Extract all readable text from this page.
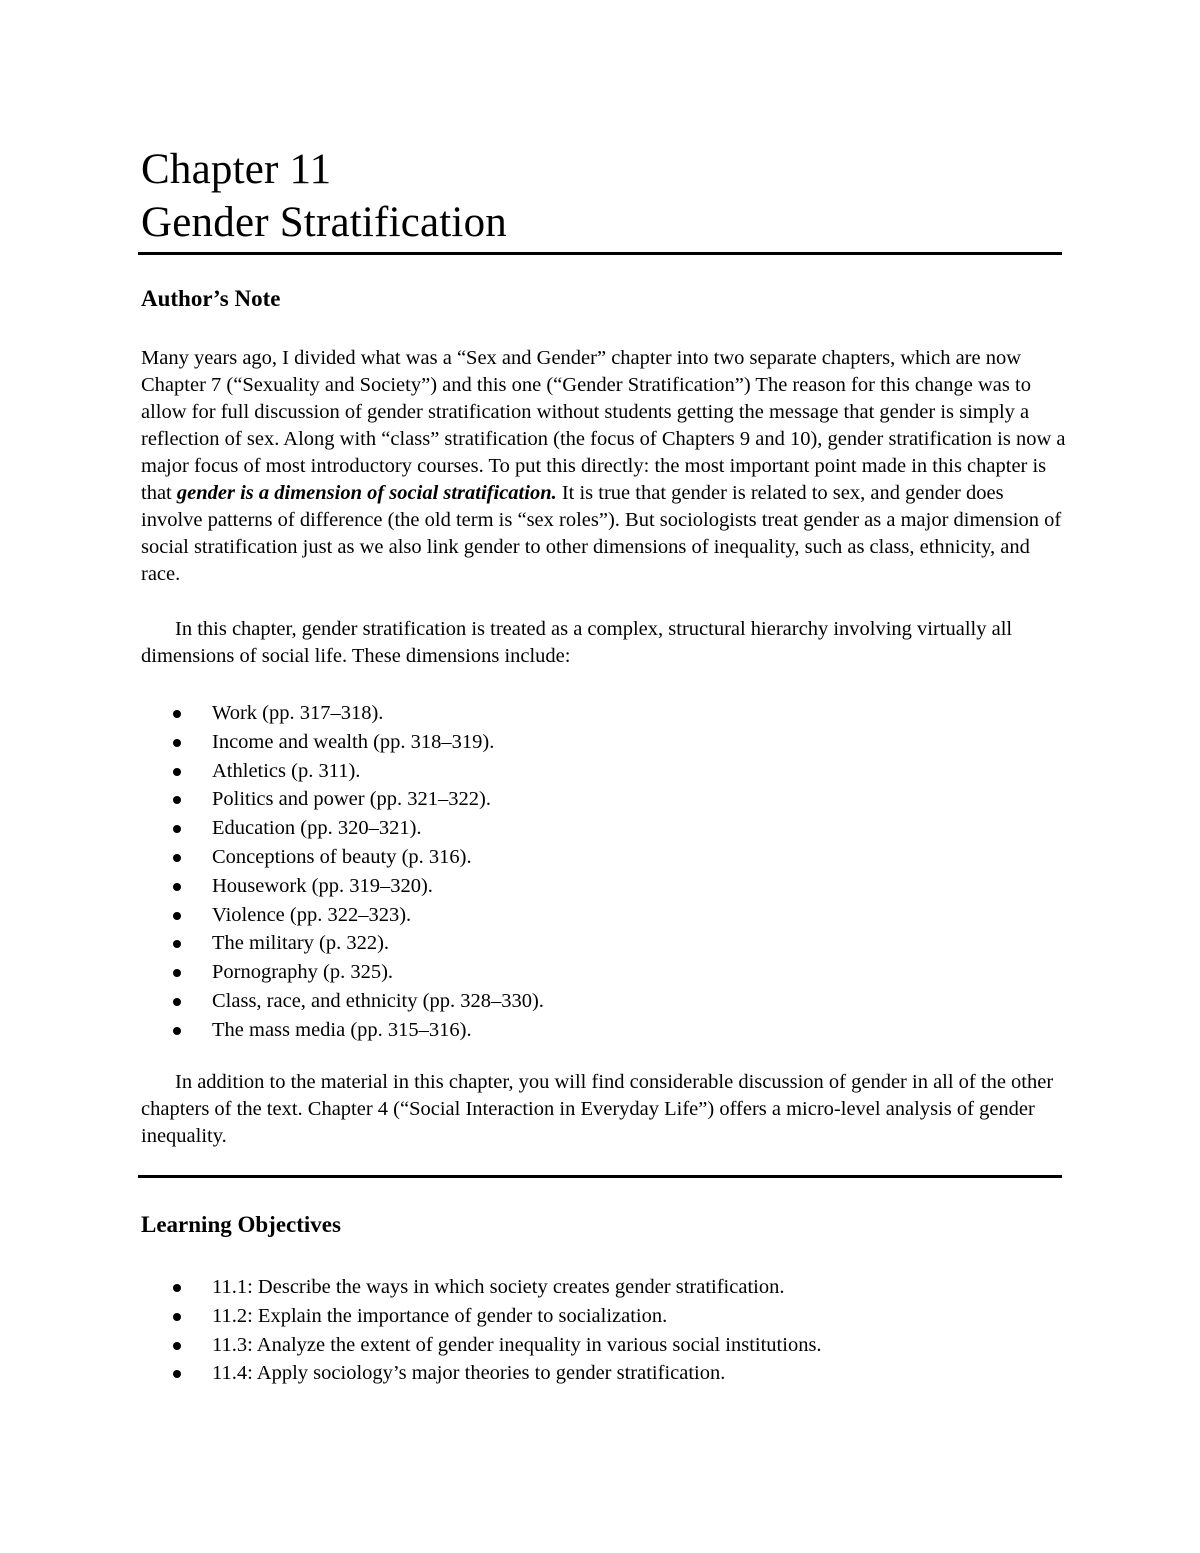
Chapter 11
Gender Stratification
Author’s Note

Many years ago, I divided what was a “Sex and Gender” chapter into two separate chapters, which are now Chapter 7 (“Sexuality and Society”) and this one (“Gender Stratification”) The reason for this change was to allow for full discussion of gender stratification without students getting the message that gender is simply a reflection of sex. Along with “class” stratification (the focus of Chapters 9 and 10), gender stratification is now a major focus of most introductory courses. To put this directly: the most important point made in this chapter is that gender is a dimension of social stratification. It is true that gender is related to sex, and gender does involve patterns of difference (the old term is “sex roles”). But sociologists treat gender as a major dimension of social stratification just as we also link gender to other dimensions of inequality, such as class, ethnicity, and race.

In this chapter, gender stratification is treated as a complex, structural hierarchy involving virtually all dimensions of social life. These dimensions include:

Work (pp. 317–318).
Income and wealth (pp. 318–319).
Athletics (p. 311).
Politics and power (pp. 321–322).
Education (pp. 320–321).
Conceptions of beauty (p. 316).
Housework (pp. 319–320).
Violence (pp. 322–323).
The military (p. 322).
Pornography (p. 325).
Class, race, and ethnicity (pp. 328–330).
The mass media (pp. 315–316).

In addition to the material in this chapter, you will find considerable discussion of gender in all of the other chapters of the text. Chapter 4 (“Social Interaction in Everyday Life”) offers a micro-level analysis of gender inequality.

Learning Objectives
11.1: Describe the ways in which society creates gender stratification.
11.2: Explain the importance of gender to socialization.
11.3: Analyze the extent of gender inequality in various social institutions.
11.4: Apply sociology’s major theories to gender stratification.
